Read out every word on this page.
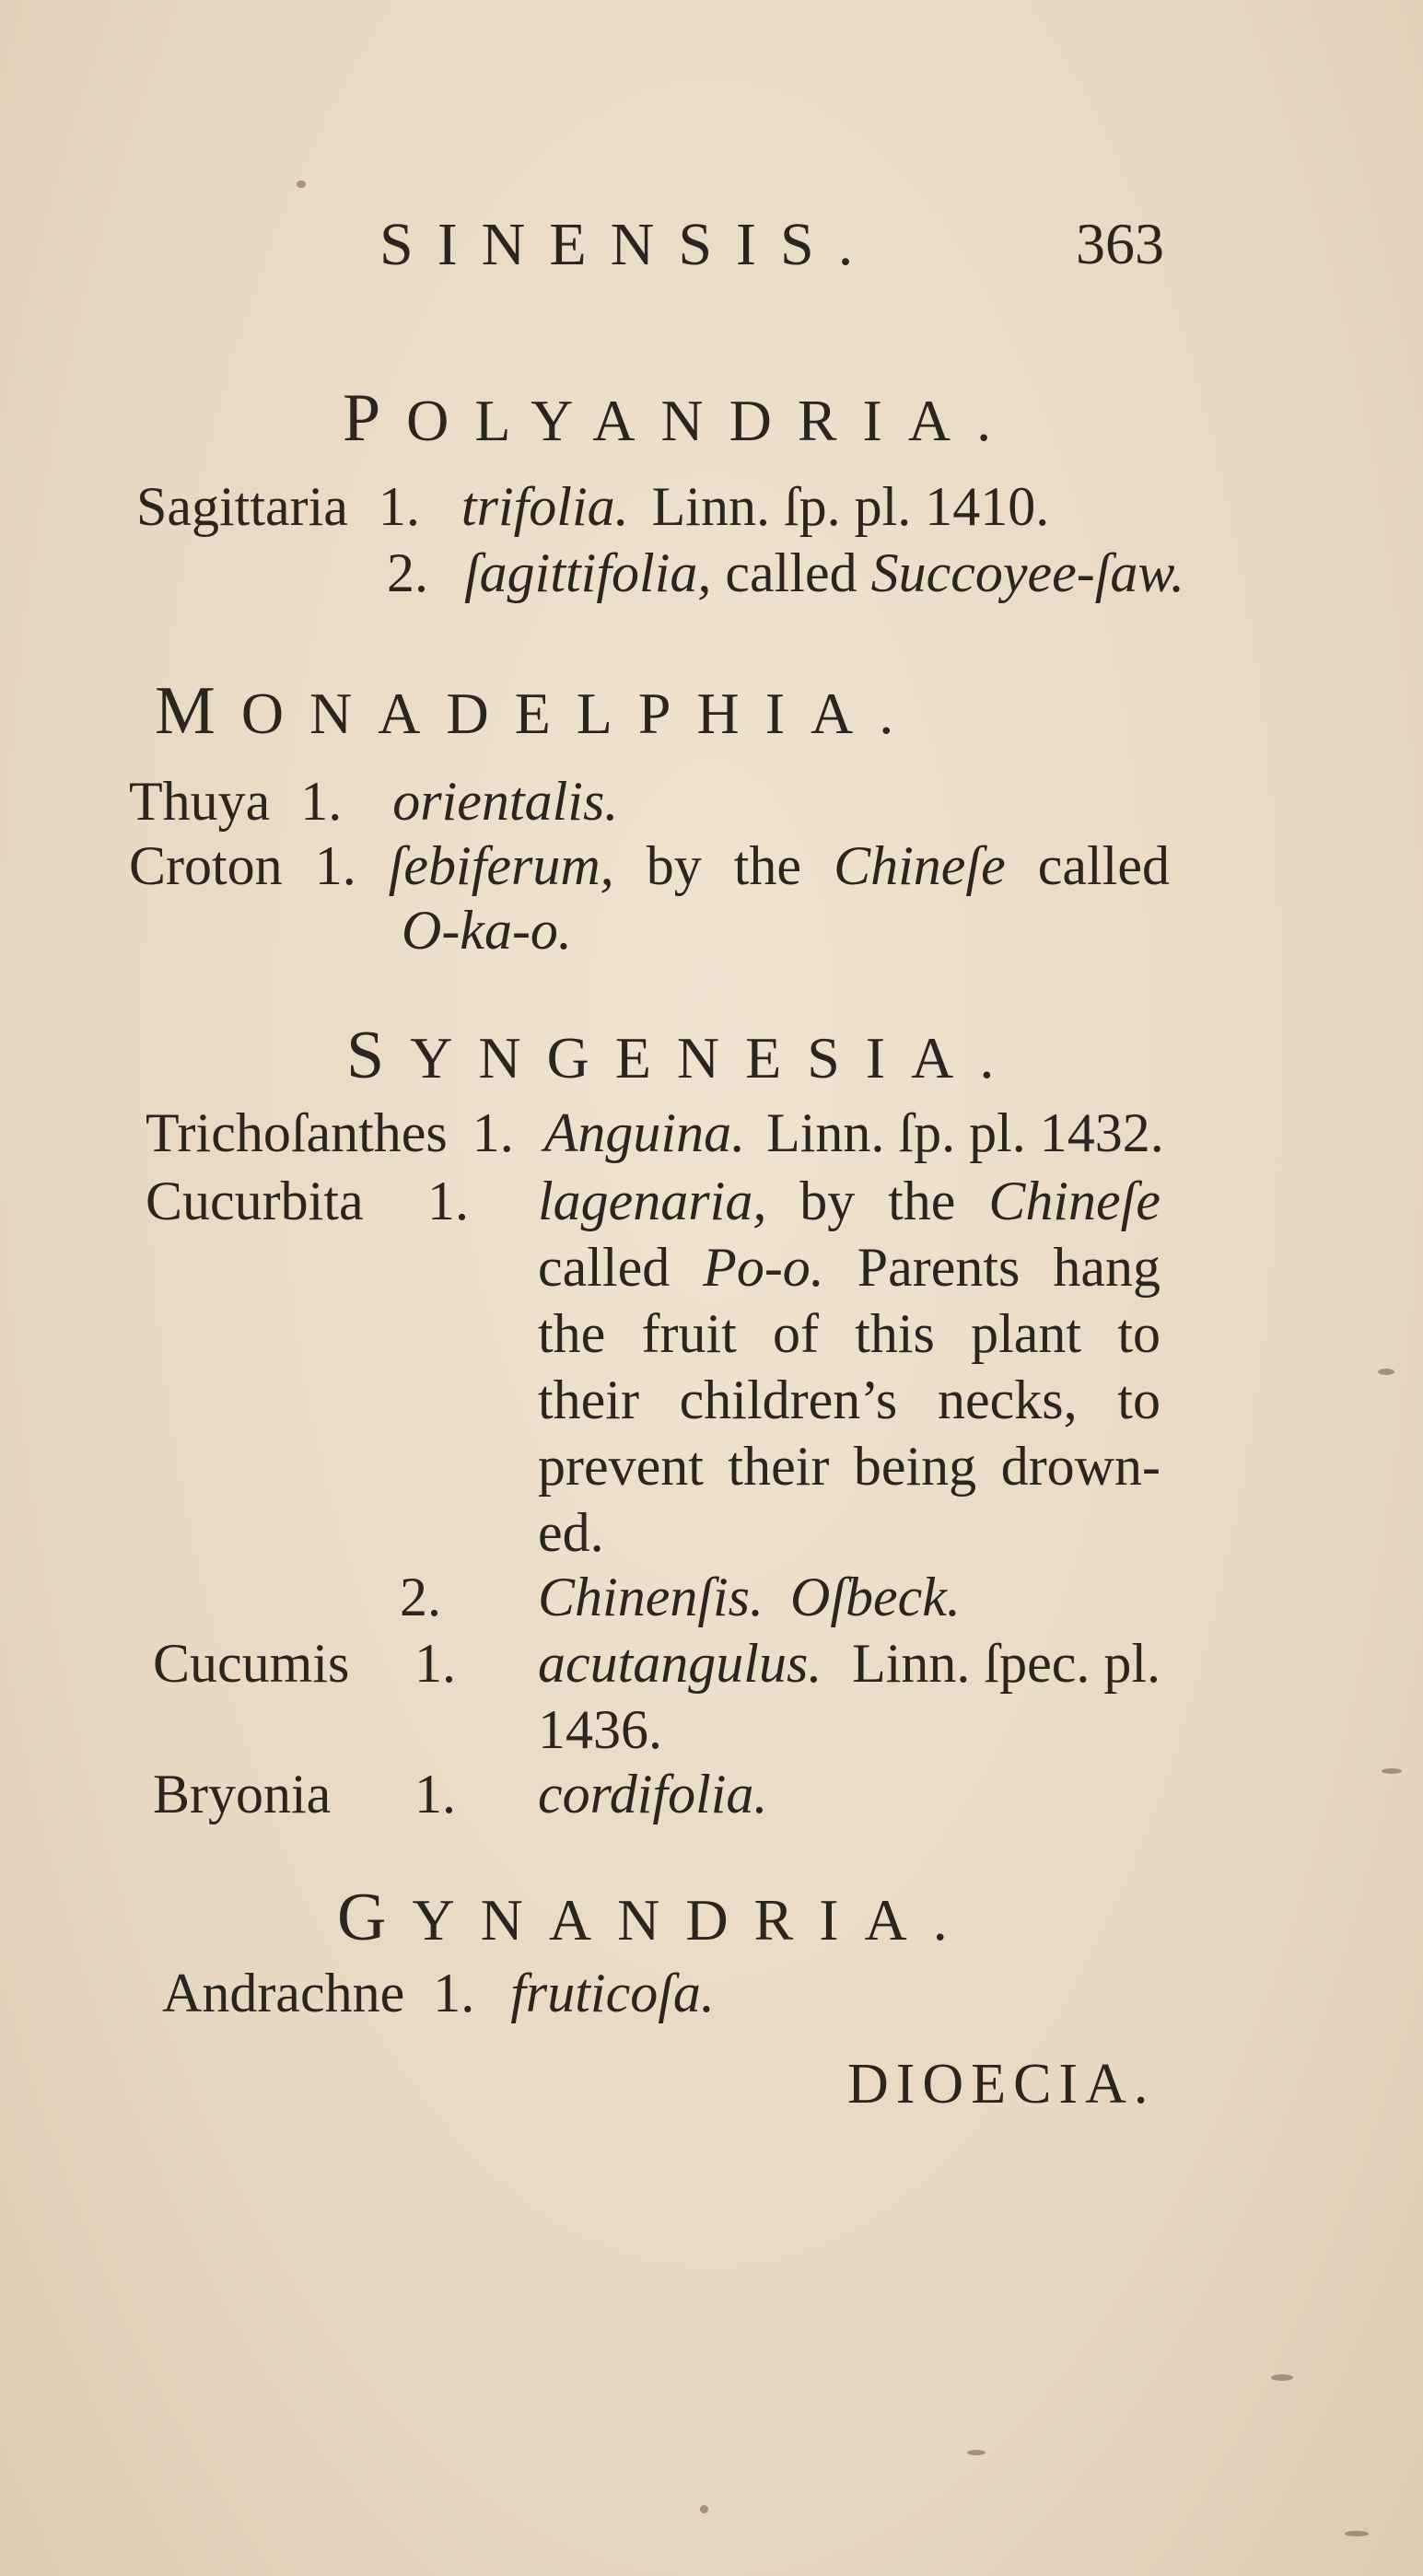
SINENSIS.	363
POLYANDRIA.
Sagittaria 1. trifolia. Linn. ſp. pl. 1410.
2. ſagittifolia, called Succoyee-ſaw.
MONADELPHIA.
Thuya 1. orientalis.
Croton 1. ſebiferum, by the Chineſe called
O-ka-o.
SYNGENESIA.
Trichoſanthes 1. Anguina. Linn. ſp. pl. 1432.
Cucurbita 1. lagenaria, by the Chineſe
called Po-o. Parents hang
the fruit of this plant to
their children’s necks, to
prevent their being drown-
ed.
2. Chinenſis. Oſbeck.
Cucumis 1. acutangulus. Linn. ſpec. pl.
1436.
Bryonia 1. cordifolia.
GYNANDRIA.
Andrachne 1. fruticoſa.
DIOECIA.
